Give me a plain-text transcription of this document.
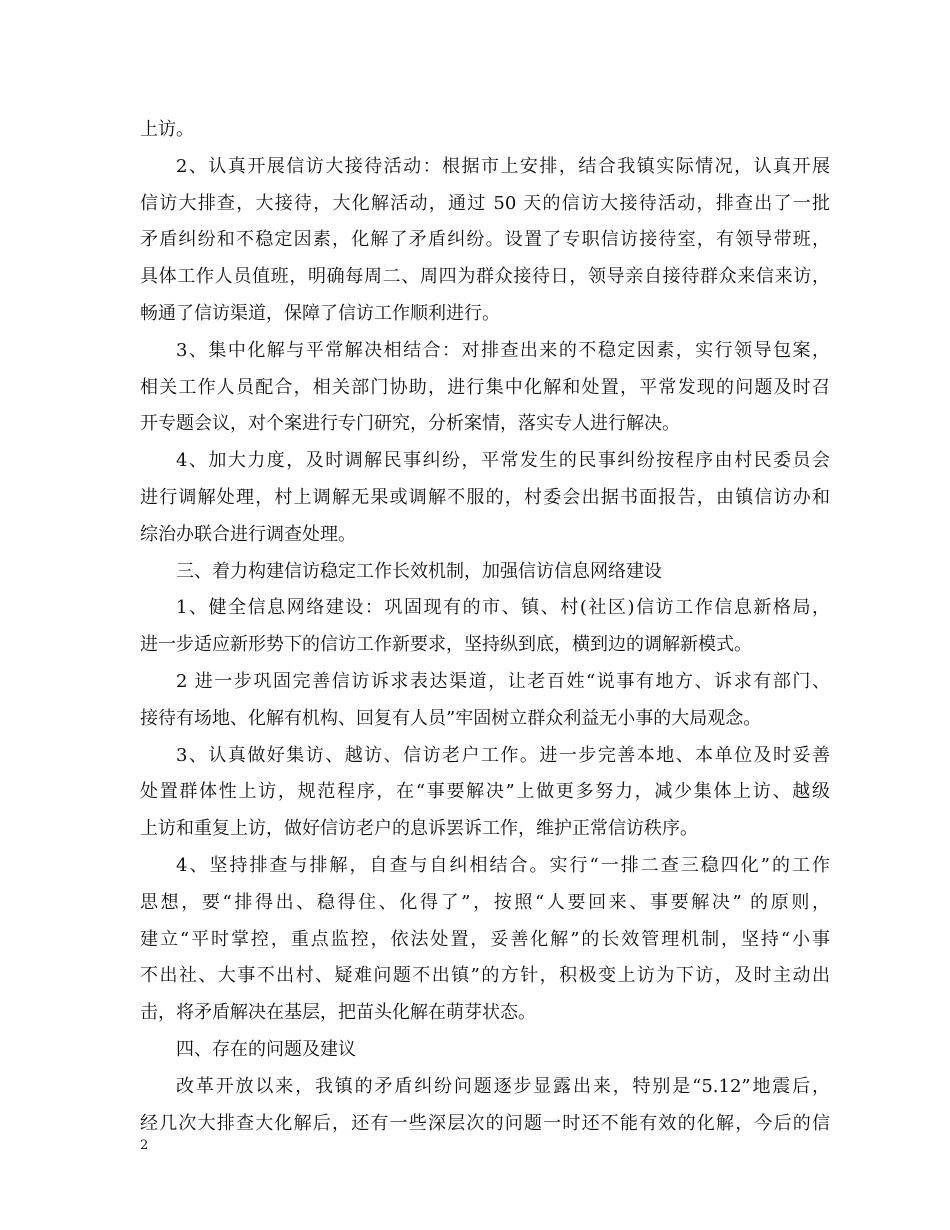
上访。
2、认真开展信访大接待活动：根据市上安排，结合我镇实际情况，认真开展
信访大排查，大接待，大化解活动，通过 50 天的信访大接待活动，排查出了一批
矛盾纠纷和不稳定因素，化解了矛盾纠纷。设置了专职信访接待室，有领导带班，
具体工作人员值班，明确每周二、周四为群众接待日，领导亲自接待群众来信来访，
畅通了信访渠道，保障了信访工作顺利进行。
3、集中化解与平常解决相结合：对排查出来的不稳定因素，实行领导包案，
相关工作人员配合，相关部门协助，进行集中化解和处置，平常发现的问题及时召
开专题会议，对个案进行专门研究，分析案情，落实专人进行解决。
4、加大力度，及时调解民事纠纷，平常发生的民事纠纷按程序由村民委员会
进行调解处理，村上调解无果或调解不服的，村委会出据书面报告，由镇信访办和
综治办联合进行调查处理。
三、着力构建信访稳定工作长效机制，加强信访信息网络建设
1、健全信息网络建设：巩固现有的市、镇、村(社区)信访工作信息新格局，
进一步适应新形势下的信访工作新要求，坚持纵到底，横到边的调解新模式。
2 进一步巩固完善信访诉求表达渠道，让老百姓“说事有地方、诉求有部门、
接待有场地、化解有机构、回复有人员”牢固树立群众利益无小事的大局观念。
3、认真做好集访、越访、信访老户工作。进一步完善本地、本单位及时妥善
处置群体性上访，规范程序，在“事要解决”上做更多努力，减少集体上访、越级
上访和重复上访，做好信访老户的息诉罢诉工作，维护正常信访秩序。
4、坚持排查与排解，自查与自纠相结合。实行“一排二查三稳四化”的工作
思想，要“排得出、稳得住、化得了”，按照“人要回来、事要解决” 的原则，
建立“平时掌控，重点监控，依法处置，妥善化解”的长效管理机制，坚持“小事
不出社、大事不出村、疑难问题不出镇”的方针，积极变上访为下访，及时主动出
击，将矛盾解决在基层，把苗头化解在萌芽状态。
四、存在的问题及建议
改革开放以来，我镇的矛盾纠纷问题逐步显露出来，特别是“5.12”地震后，
经几次大排查大化解后，还有一些深层次的问题一时还不能有效的化解，今后的信
2
